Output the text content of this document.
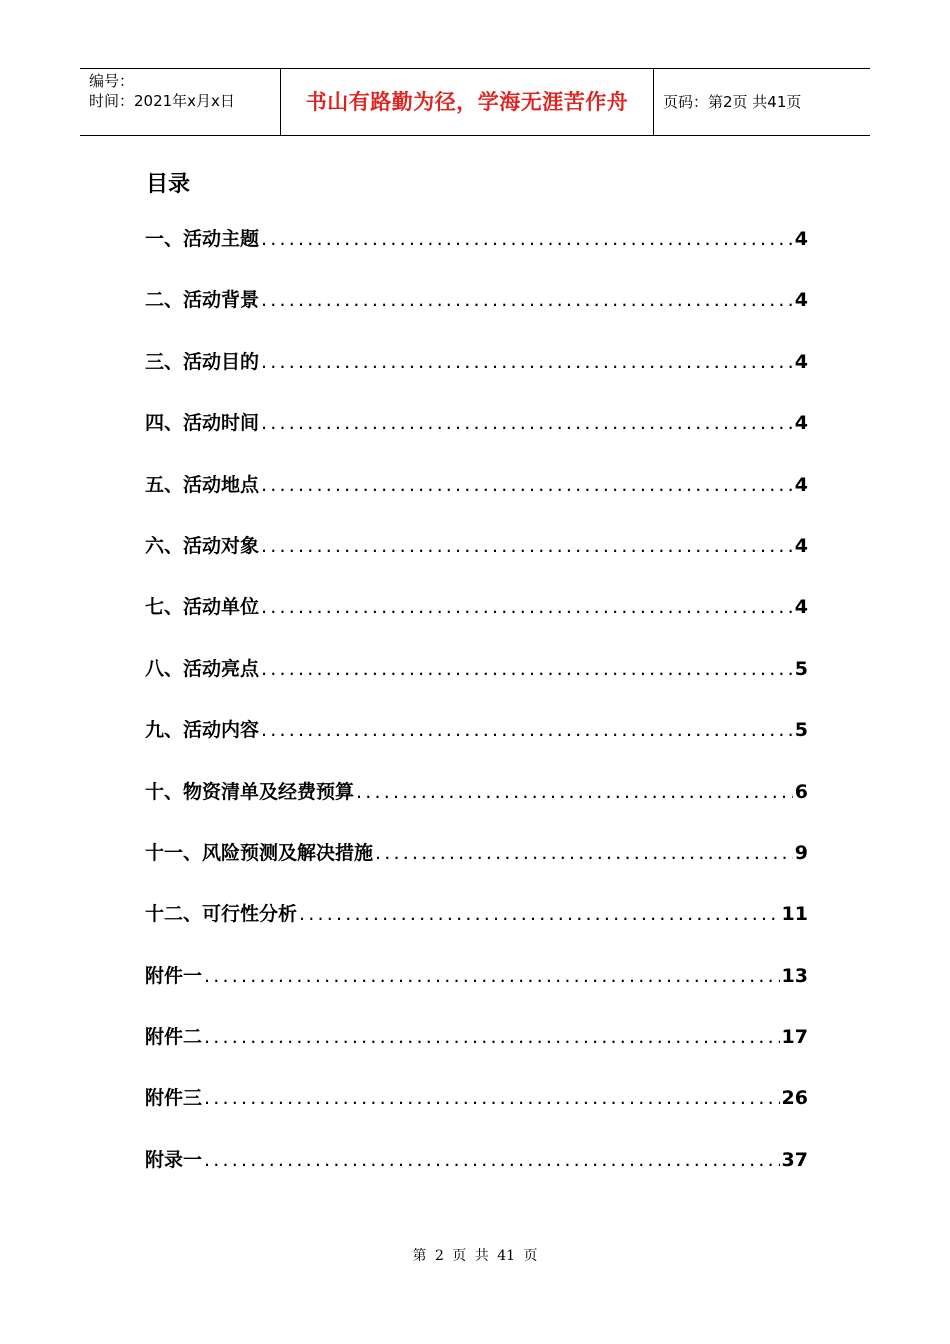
编号：
时间：2021年x月x日	书山有路勤为径，学海无涯苦作舟	页码：第2页 共41页
目录
一、活动主题 .....	4
二、活动背景 .....	4
三、活动目的 .....	4
四、活动时间 .....	4
五、活动地点 .....	4
六、活动对象 .....	4
七、活动单位 .....	4
八、活动亮点 .....	5
九、活动内容 .....	5
十、物资清单及经费预算 .....	6
十一、风险预测及解决措施 .....	9
十二、可行性分析 .....	11
附件一 .....	13
附件二 .....	17
附件三 .....	26
附录一 .....	37
第 2 页 共 41 页
